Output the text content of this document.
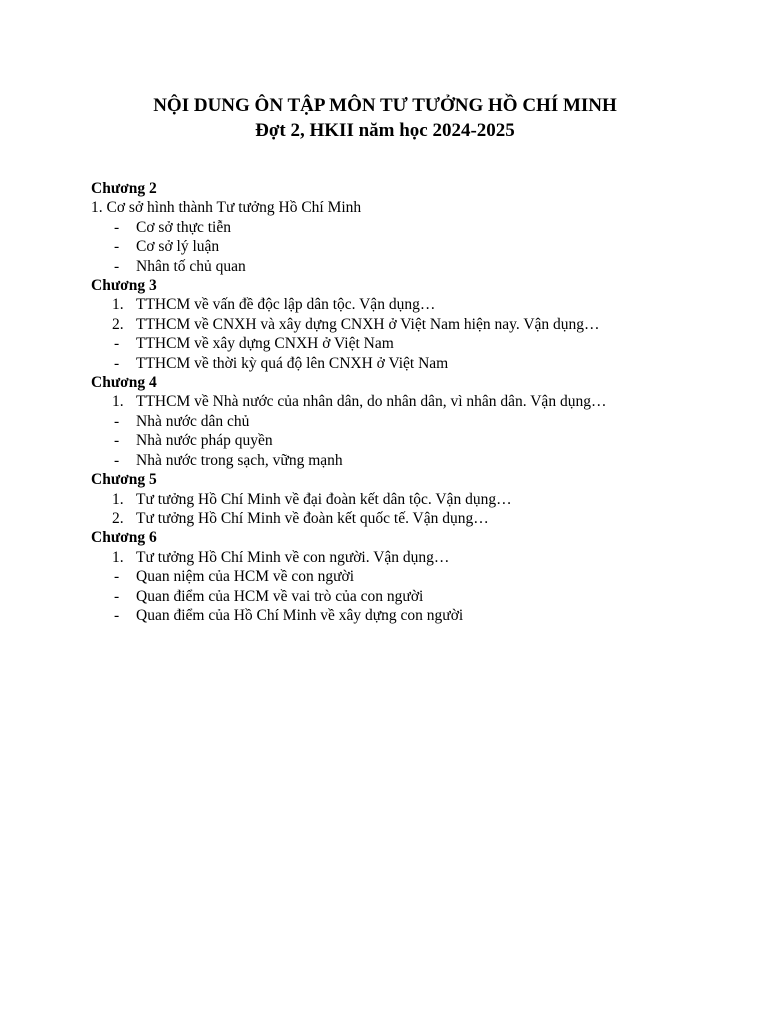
NỘI DUNG ÔN TẬP MÔN TƯ TƯỞNG HỒ CHÍ MINH
Đợt 2, HKII năm học 2024-2025
Chương 2
1. Cơ sở hình thành Tư tưởng Hồ Chí Minh
- Cơ sở thực tiễn
- Cơ sở lý luận
- Nhân tố chủ quan
Chương 3
1. TTHCM về vấn đề độc lập dân tộc. Vận dụng…
2. TTHCM về CNXH và xây dựng CNXH ở Việt Nam hiện nay. Vận dụng…
- TTHCM về xây dựng CNXH ở Việt Nam
- TTHCM về thời kỳ quá độ lên CNXH ở Việt Nam
Chương 4
1. TTHCM về Nhà nước của nhân dân, do nhân dân, vì nhân dân. Vận dụng…
- Nhà nước dân chủ
- Nhà nước pháp quyền
- Nhà nước trong sạch, vững mạnh
Chương 5
1. Tư tưởng Hồ Chí Minh về đại đoàn kết dân tộc. Vận dụng…
2. Tư tưởng Hồ Chí Minh về đoàn kết quốc tế. Vận dụng…
Chương 6
1. Tư tưởng Hồ Chí Minh về con người. Vận dụng…
- Quan niệm của HCM về con người
- Quan điểm của HCM về vai trò của con người
- Quan điểm của Hồ Chí Minh về xây dựng con người
